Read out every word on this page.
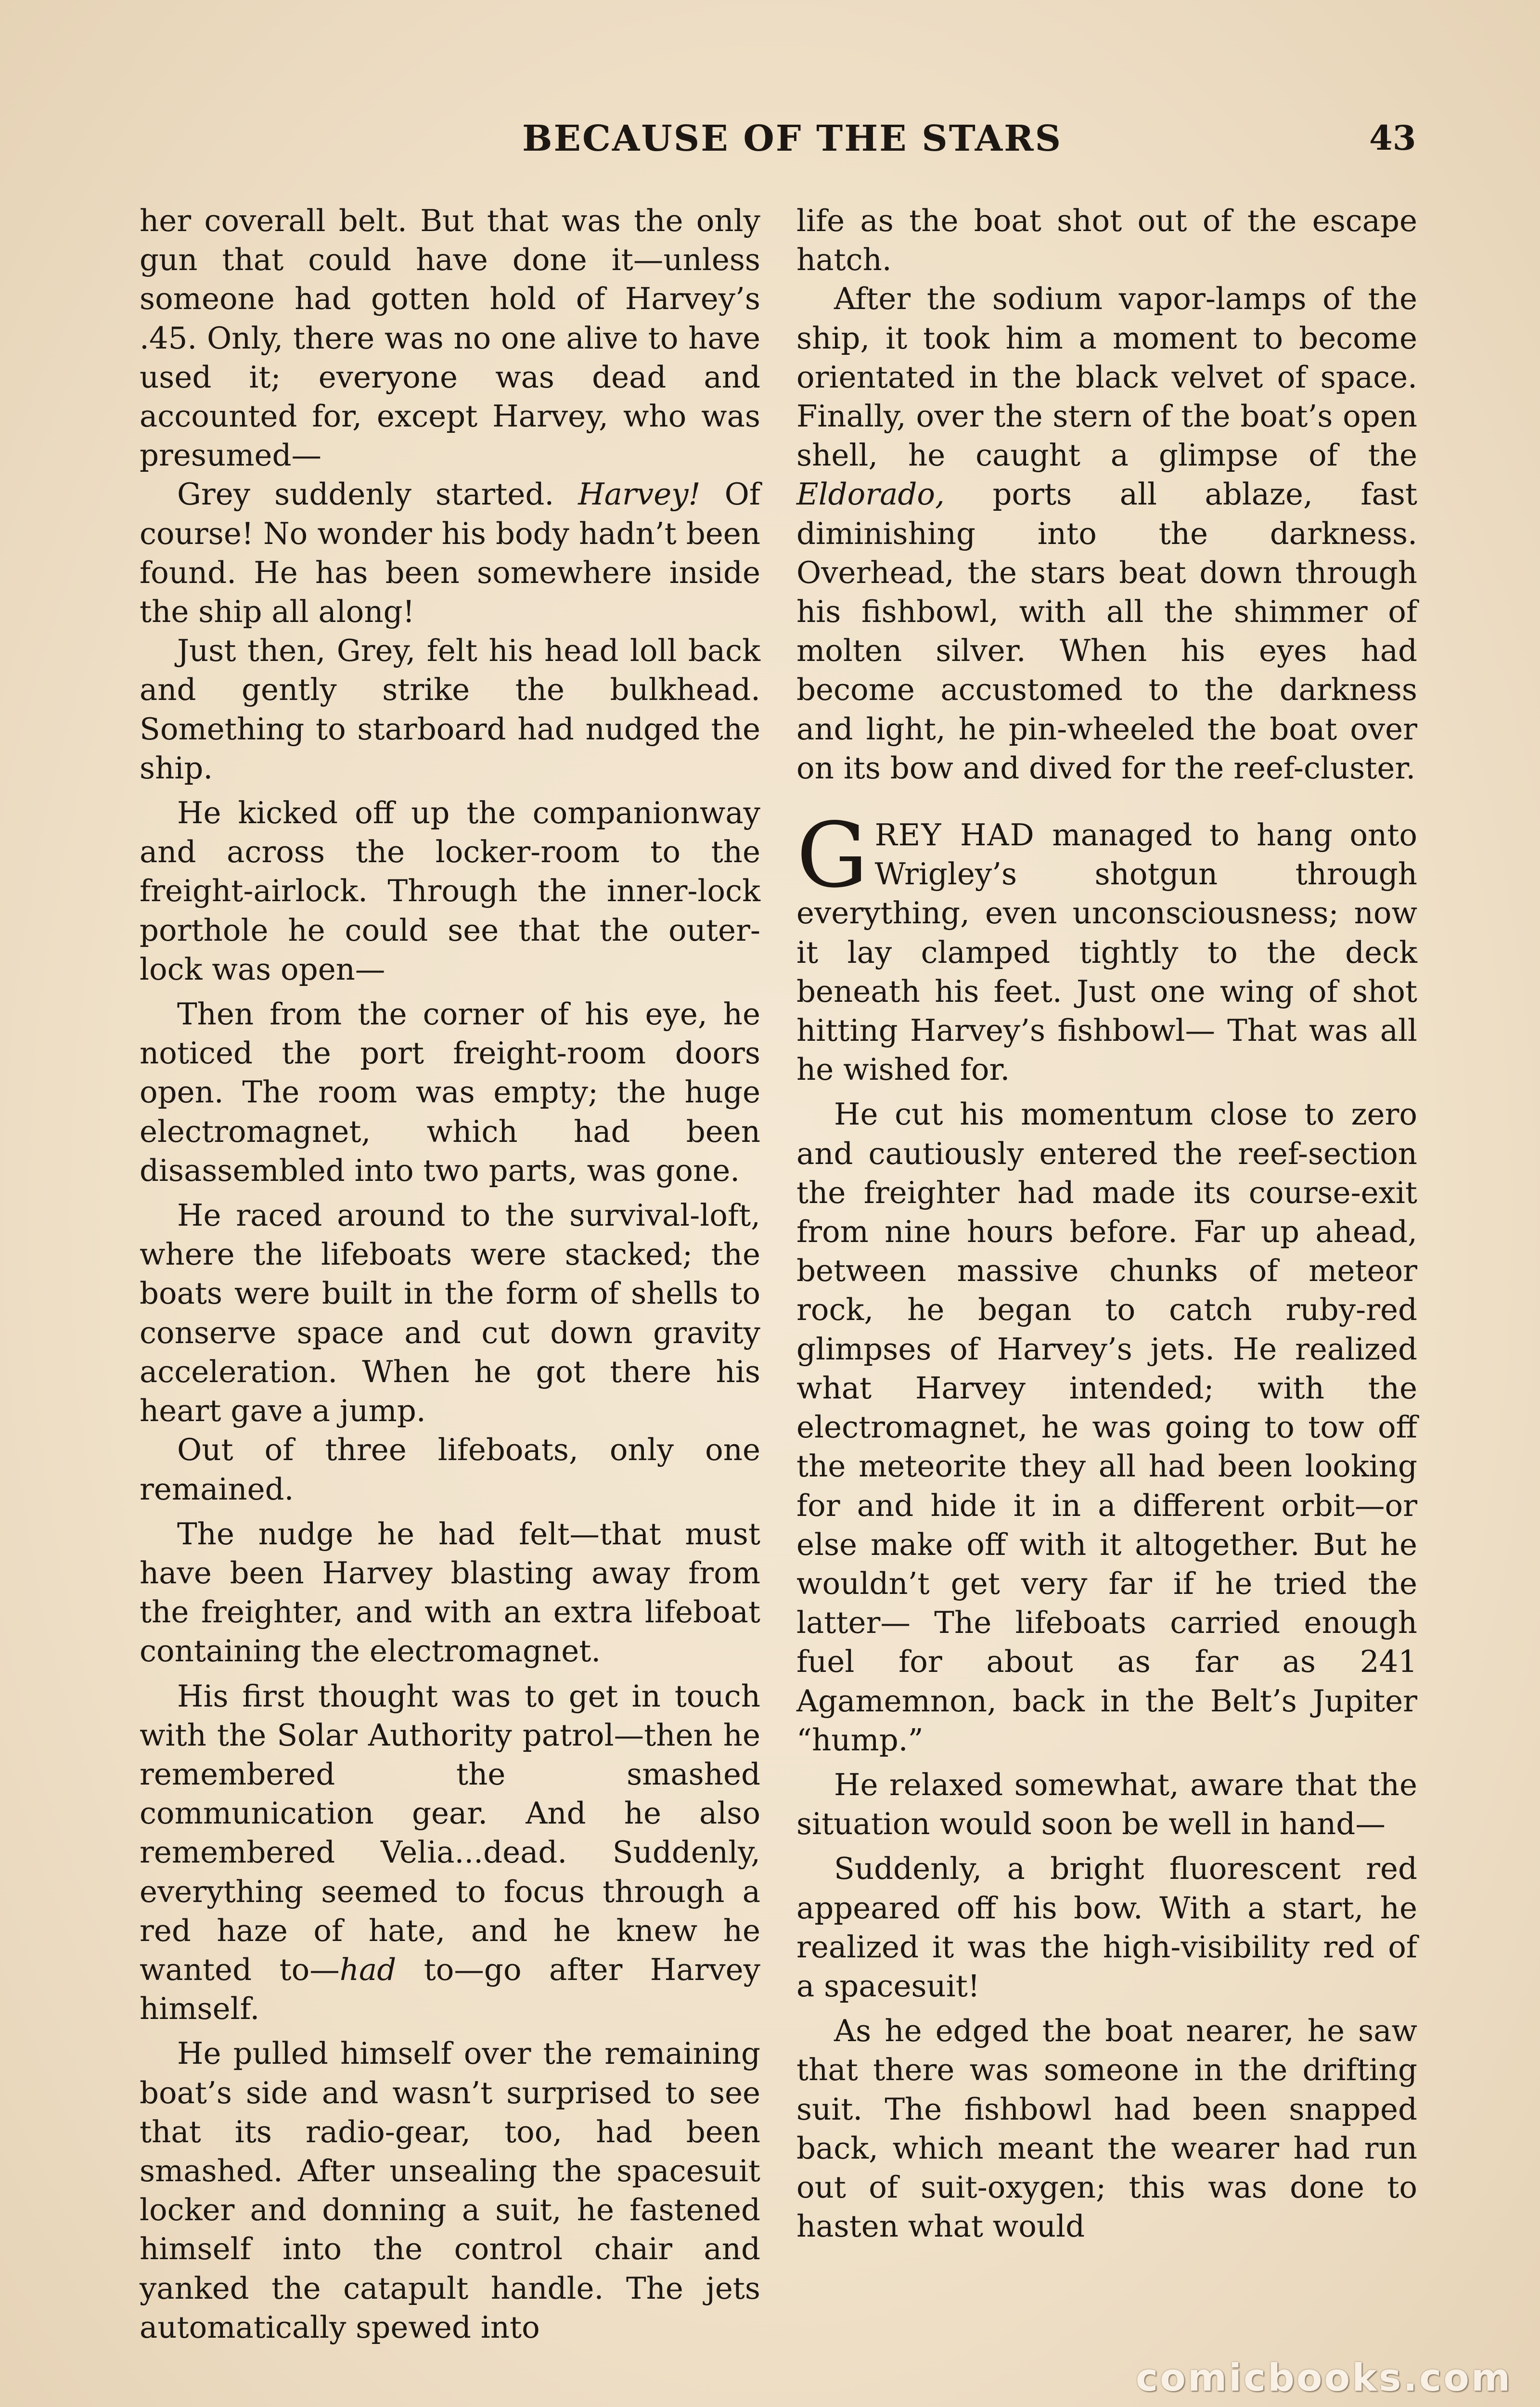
BECAUSE OF THE STARS	43

her coverall belt. But that was the only gun that could have done it—unless someone had gotten hold of Harvey’s .45. Only, there was no one alive to have used it; everyone was dead and accounted for, except Harvey, who was presumed—

Grey suddenly started. Harvey! Of course! No wonder his body hadn’t been found. He has been somewhere inside the ship all along!

Just then, Grey, felt his head loll back and gently strike the bulkhead. Something to starboard had nudged the ship.

He kicked off up the companionway and across the locker-room to the freight-airlock. Through the inner-lock porthole he could see that the outer-lock was open—

Then from the corner of his eye, he noticed the port freight-room doors open. The room was empty; the huge electromagnet, which had been disassembled into two parts, was gone.

He raced around to the survival-loft, where the lifeboats were stacked; the boats were built in the form of shells to conserve space and cut down gravity acceleration. When he got there his heart gave a jump.

Out of three lifeboats, only one remained.

The nudge he had felt—that must have been Harvey blasting away from the freighter, and with an extra lifeboat containing the electromagnet.

His first thought was to get in touch with the Solar Authority patrol—then he remembered the smashed communication gear. And he also remembered Velia...dead. Suddenly, everything seemed to focus through a red haze of hate, and he knew he wanted to—had to—go after Harvey himself.

He pulled himself over the remaining boat’s side and wasn’t surprised to see that its radio-gear, too, had been smashed. After unsealing the spacesuit locker and donning a suit, he fastened himself into the control chair and yanked the catapult handle. The jets automatically spewed into

life as the boat shot out of the escape hatch.

After the sodium vapor-lamps of the ship, it took him a moment to become orientated in the black velvet of space. Finally, over the stern of the boat’s open shell, he caught a glimpse of the Eldorado, ports all ablaze, fast diminishing into the darkness. Overhead, the stars beat down through his fishbowl, with all the shimmer of molten silver. When his eyes had become accustomed to the darkness and light, he pin-wheeled the boat over on its bow and dived for the reef-cluster.

GREY HAD managed to hang onto Wrigley’s shotgun through everything, even unconsciousness; now it lay clamped tightly to the deck beneath his feet. Just one wing of shot hitting Harvey’s fishbowl— That was all he wished for.

He cut his momentum close to zero and cautiously entered the reef-section the freighter had made its course-exit from nine hours before. Far up ahead, between massive chunks of meteor rock, he began to catch ruby-red glimpses of Harvey’s jets. He realized what Harvey intended; with the electromagnet, he was going to tow off the meteorite they all had been looking for and hide it in a different orbit—or else make off with it altogether. But he wouldn’t get very far if he tried the latter— The lifeboats carried enough fuel for about as far as 241 Agamemnon, back in the Belt’s Jupiter “hump.”

He relaxed somewhat, aware that the situation would soon be well in hand—

Suddenly, a bright fluorescent red appeared off his bow. With a start, he realized it was the high-visibility red of a spacesuit!

As he edged the boat nearer, he saw that there was someone in the drifting suit. The fishbowl had been snapped back, which meant the wearer had run out of suit-oxygen; this was done to hasten what would

comicbooks.com
